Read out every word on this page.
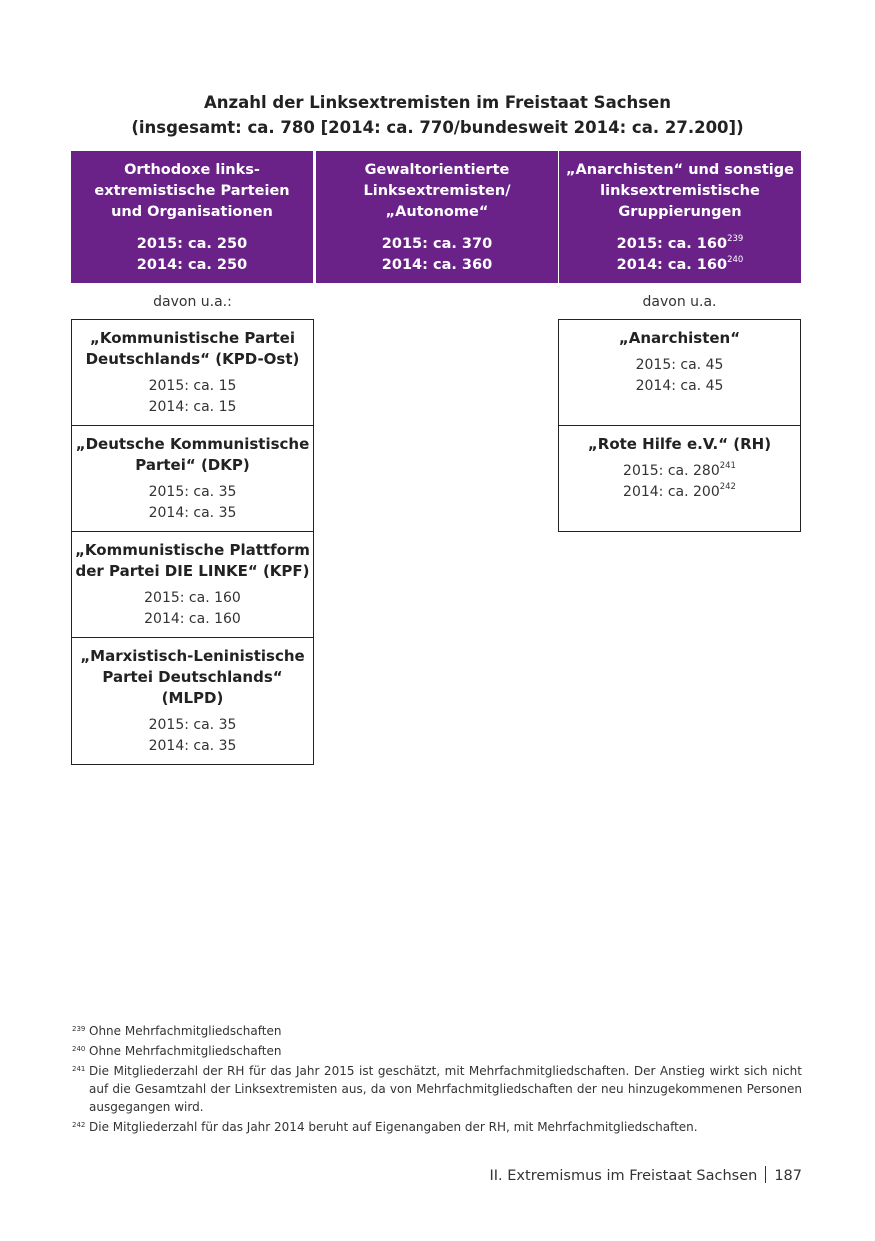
Anzahl der Linksextremisten im Freistaat Sachsen
(insgesamt: ca. 780 [2014: ca. 770/bundesweit 2014: ca. 27.200])
Orthodoxe links-
extremistische Parteien
und Organisationen
2015: ca. 250
2014: ca. 250
Gewaltorientierte
Linksextremisten/
„Autonome“
2015: ca. 370
2014: ca. 360
„Anarchisten“ und sonstige
linksextremistische
Gruppierungen
2015: ca. $160^{239}$
2014: ca. $160^{240}$
davon u.a.:	davon u.a.
„Kommunistische Partei
Deutschlands“ (KPD-Ost)
2015: ca. 15
2014: ca. 15
„Deutsche Kommunistische
Partei“ (DKP)
2015: ca. 35
2014: ca. 35
„Kommunistische Plattform
der Partei DIE LINKE“ (KPF)
2015: ca. 160
2014: ca. 160
„Marxistisch-Leninistische
Partei Deutschlands“
(MLPD)
2015: ca. 35
2014: ca. 35
„Anarchisten“
2015: ca. 45
2014: ca. 45
„Rote Hilfe e.V.“ (RH)
2015: ca. $280^{241}$
2014: ca. $200^{242}$
239 Ohne Mehrfachmitgliedschaften
240 Ohne Mehrfachmitgliedschaften
241 Die Mitgliederzahl der RH für das Jahr 2015 ist geschätzt, mit Mehrfachmitgliedschaften. Der Anstieg wirkt sich nicht auf die Gesamtzahl der Linksextremisten aus, da von Mehrfachmitgliedschaften der neu hinzugekommenen Personen ausgegangen wird.
242 Die Mitgliederzahl für das Jahr 2014 beruht auf Eigenangaben der RH, mit Mehrfachmitgliedschaften.
II. Extremismus im Freistaat Sachsen 187
